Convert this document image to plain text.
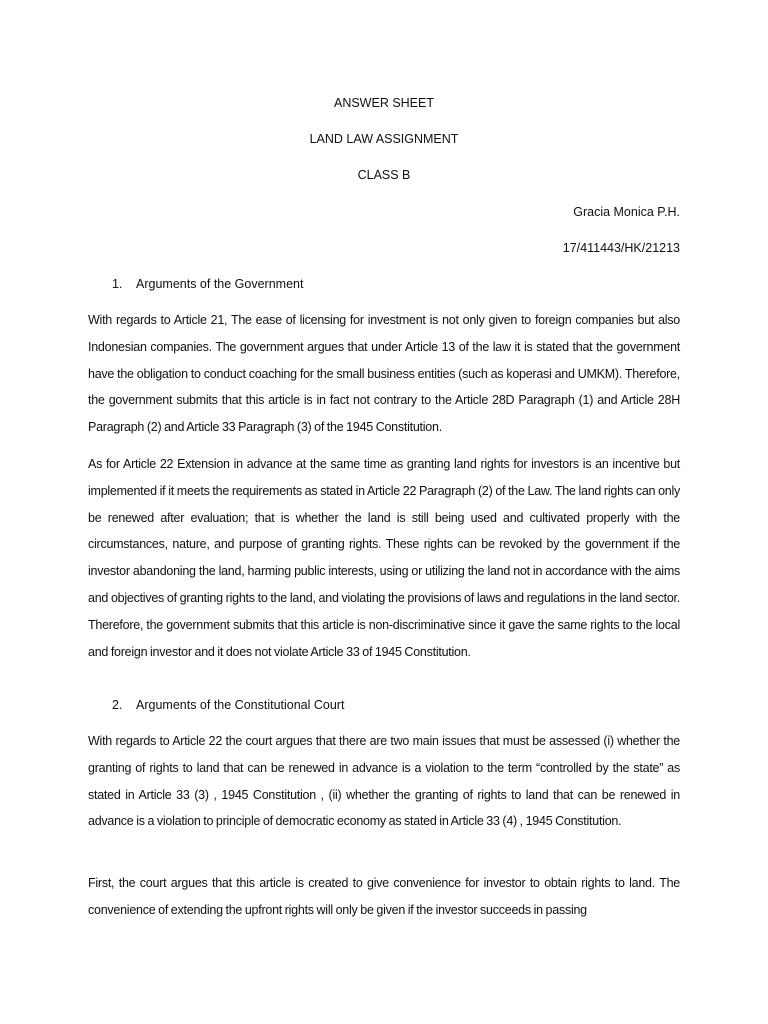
ANSWER SHEET
LAND LAW ASSIGNMENT
CLASS B
Gracia Monica P.H.
17/411443/HK/21213
1. Arguments of the Government

With regards to Article 21, The ease of licensing for investment is not only given to foreign companies but also Indonesian companies. The government argues that under Article 13 of the law it is stated that the government have the obligation to conduct coaching for the small business entities (such as koperasi and UMKM). Therefore, the government submits that this article is in fact not contrary to the Article 28D Paragraph (1) and Article 28H Paragraph (2) and Article 33 Paragraph (3) of the 1945 Constitution.

As for Article 22 Extension in advance at the same time as granting land rights for investors is an incentive but implemented if it meets the requirements as stated in Article 22 Paragraph (2) of the Law. The land rights can only be renewed after evaluation; that is whether the land is still being used and cultivated properly with the circumstances, nature, and purpose of granting rights. These rights can be revoked by the government if the investor abandoning the land, harming public interests, using or utilizing the land not in accordance with the aims and objectives of granting rights to the land, and violating the provisions of laws and regulations in the land sector. Therefore, the government submits that this article is non-discriminative since it gave the same rights to the local and foreign investor and it does not violate Article 33 of 1945 Constitution.

2. Arguments of the Constitutional Court

With regards to Article 22 the court argues that there are two main issues that must be assessed (i) whether the granting of rights to land that can be renewed in advance is a violation to the term “controlled by the state” as stated in Article 33 (3) , 1945 Constitution , (ii) whether the granting of rights to land that can be renewed in advance is a violation to principle of democratic economy as stated in Article 33 (4) , 1945 Constitution.

First, the court argues that this article is created to give convenience for investor to obtain rights to land. The convenience of extending the upfront rights will only be given if the investor succeeds in passing
